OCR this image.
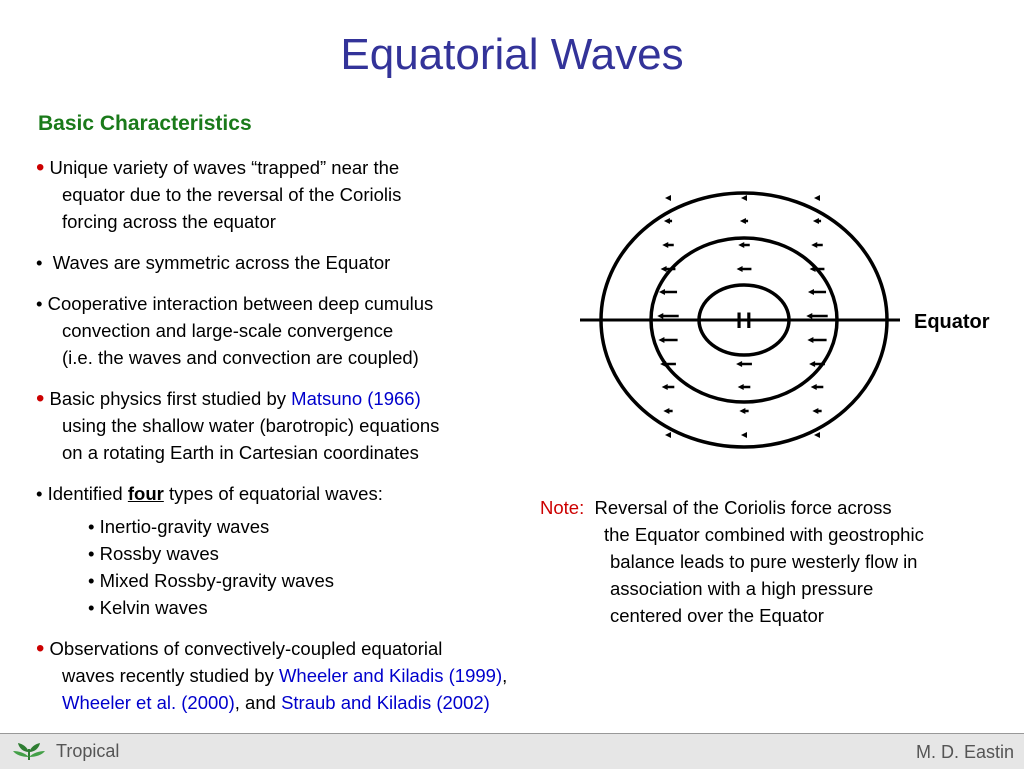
Equatorial Waves
Basic Characteristics
• Unique variety of waves “trapped” near the
equator due to the reversal of the Coriolis
forcing across the equator
• Waves are symmetric across the Equator
• Cooperative interaction between deep cumulus
convection and large-scale convergence
(i.e. the waves and convection are coupled)
• Basic physics first studied by Matsuno (1966)
using the shallow water (barotropic) equations
on a rotating Earth in Cartesian coordinates
• Identified four types of equatorial waves:
• Inertio-gravity waves
• Rossby waves
• Mixed Rossby-gravity waves
• Kelvin waves
• Observations of convectively-coupled equatorial
waves recently studied by Wheeler and Kiladis (1999),
Wheeler et al. (2000), and Straub and Kiladis (2002)
H	Equator
Note: Reversal of the Coriolis force across
the Equator combined with geostrophic
balance leads to pure westerly flow in
association with a high pressure
centered over the Equator
Tropical	M. D. Eastin
